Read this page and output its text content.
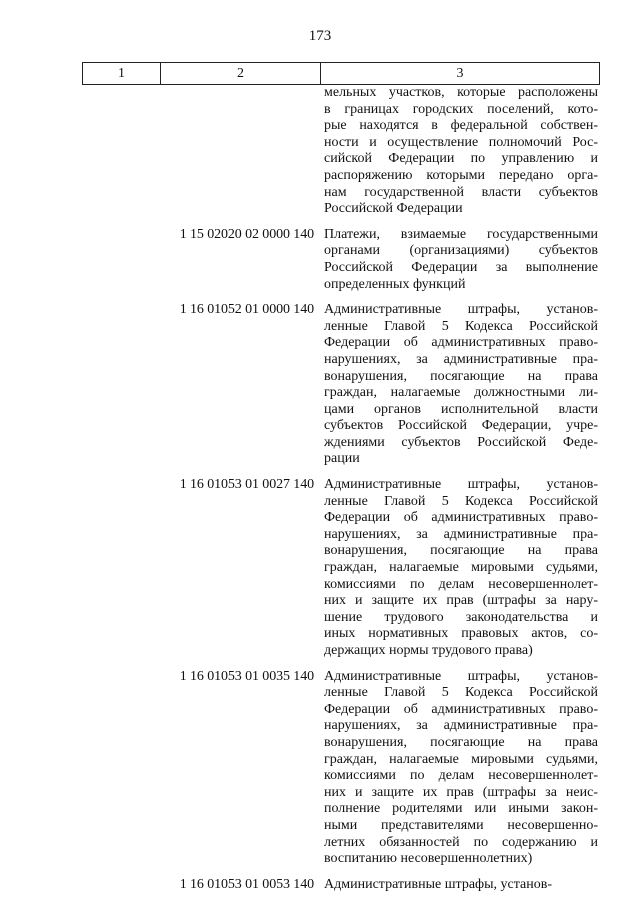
173
1	2	3
мельных участков, которые расположены
в границах городских поселений, кото-
рые находятся в федеральной собствен-
ности и осуществление полномочий Рос-
сийской Федерации по управлению и
распоряжению которыми передано орга-
нам государственной власти субъектов
Российской Федерации
1 15 02020 02 0000 140 Платежи, взимаемые государственными
органами (организациями) субъектов
Российской Федерации за выполнение
определенных функций
1 16 01052 01 0000 140 Административные штрафы, установ-
ленные Главой 5 Кодекса Российской
Федерации об административных право-
нарушениях, за административные пра-
вонарушения, посягающие на права
граждан, налагаемые должностными ли-
цами органов исполнительной власти
субъектов Российской Федерации, учре-
ждениями субъектов Российской Феде-
рации
1 16 01053 01 0027 140 Административные штрафы, установ-
ленные Главой 5 Кодекса Российской
Федерации об административных право-
нарушениях, за административные пра-
вонарушения, посягающие на права
граждан, налагаемые мировыми судьями,
комиссиями по делам несовершеннолет-
них и защите их прав (штрафы за нару-
шение трудового законодательства и
иных нормативных правовых актов, со-
держащих нормы трудового права)
1 16 01053 01 0035 140 Административные штрафы, установ-
ленные Главой 5 Кодекса Российской
Федерации об административных право-
нарушениях, за административные пра-
вонарушения, посягающие на права
граждан, налагаемые мировыми судьями,
комиссиями по делам несовершеннолет-
них и защите их прав (штрафы за неис-
полнение родителями или иными закон-
ными представителями несовершенно-
летних обязанностей по содержанию и
воспитанию несовершеннолетних)
1 16 01053 01 0053 140 Административные штрафы, установ-
